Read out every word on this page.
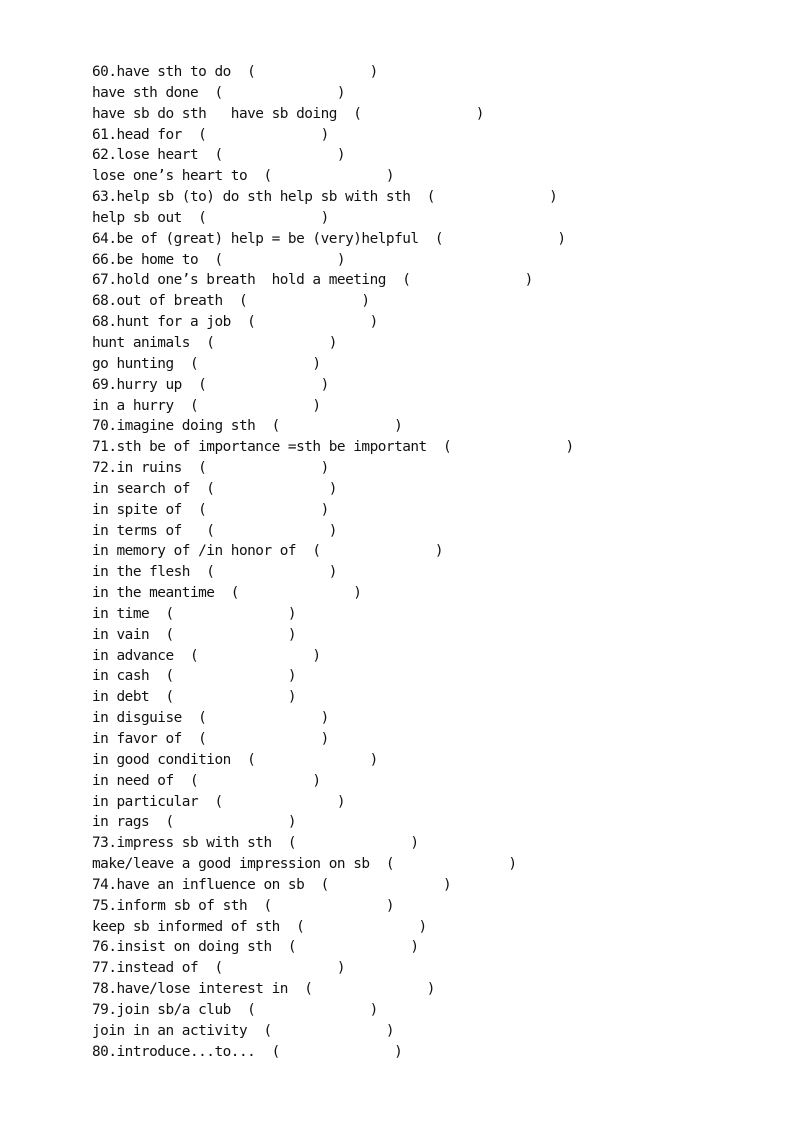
60.have sth to do  (              )
have sth done  (              )
have sb do sth   have sb doing  (              )
61.head for  (              )
62.lose heart  (              )
lose one’s heart to  (              )
63.help sb (to) do sth help sb with sth  (              )
help sb out  (              )
64.be of (great) help = be (very)helpful  (              )
66.be home to  (              )
67.hold one’s breath  hold a meeting  (              )
68.out of breath  (              )
68.hunt for a job  (              )
hunt animals  (              )
go hunting  (              )
69.hurry up  (              )
in a hurry  (              )
70.imagine doing sth  (              )
71.sth be of importance =sth be important  (              )
72.in ruins  (              )
in search of  (              )
in spite of  (              )
in terms of   (              )
in memory of /in honor of  (              )
in the flesh  (              )
in the meantime  (              )
in time  (              )
in vain  (              )
in advance  (              )
in cash  (              )
in debt  (              )
in disguise  (              )
in favor of  (              )
in good condition  (              )
in need of  (              )
in particular  (              )
in rags  (              )
73.impress sb with sth  (              )
make/leave a good impression on sb  (              )
74.have an influence on sb  (              )
75.inform sb of sth  (              )
keep sb informed of sth  (              )
76.insist on doing sth  (              )
77.instead of  (              )
78.have/lose interest in  (              )
79.join sb/a club  (              )
join in an activity  (              )
80.introduce...to...  (              )
